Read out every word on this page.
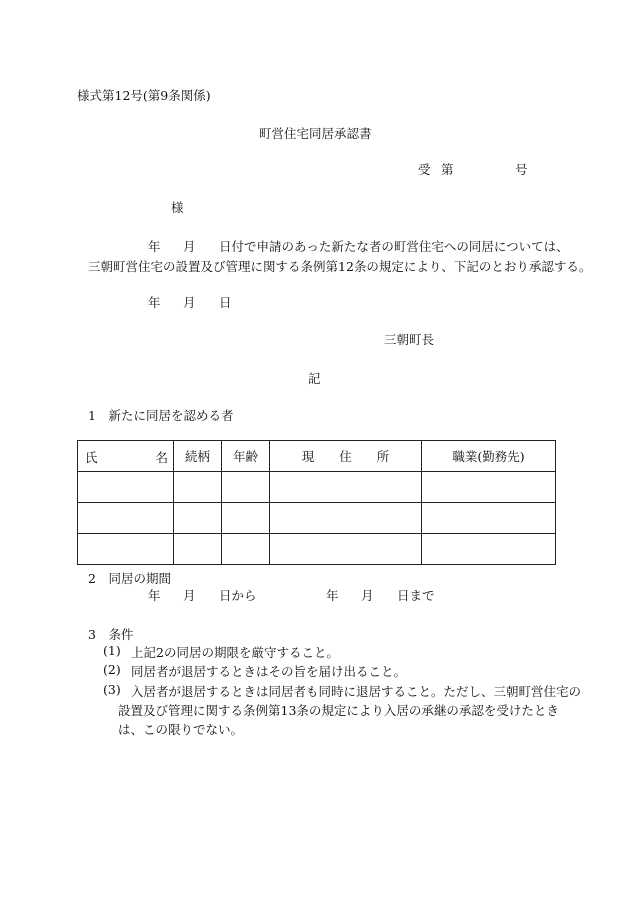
様式第12号(第9条関係)
町営住宅同居承認書
受 第	号
様
年 月 日付で申請のあった新たな者の町営住宅への同居については、
三朝町営住宅の設置及び管理に関する条例第12条の規定により、下記のとおり承認する。
年 月 日
三朝町長
記
1　新たに同居を認める者
氏 名	続柄	年齢	現　　住　　所	職業(勤務先)

2　同居の期間
年 月 日から	年 月 日まで
3　条件
(1) 上記2の同居の期限を厳守すること。
(2) 同居者が退居するときはその旨を届け出ること。
(3) 入居者が退居するときは同居者も同時に退居すること。ただし、三朝町営住宅の
設置及び管理に関する条例第13条の規定により入居の承継の承認を受けたとき
は、この限りでない。
